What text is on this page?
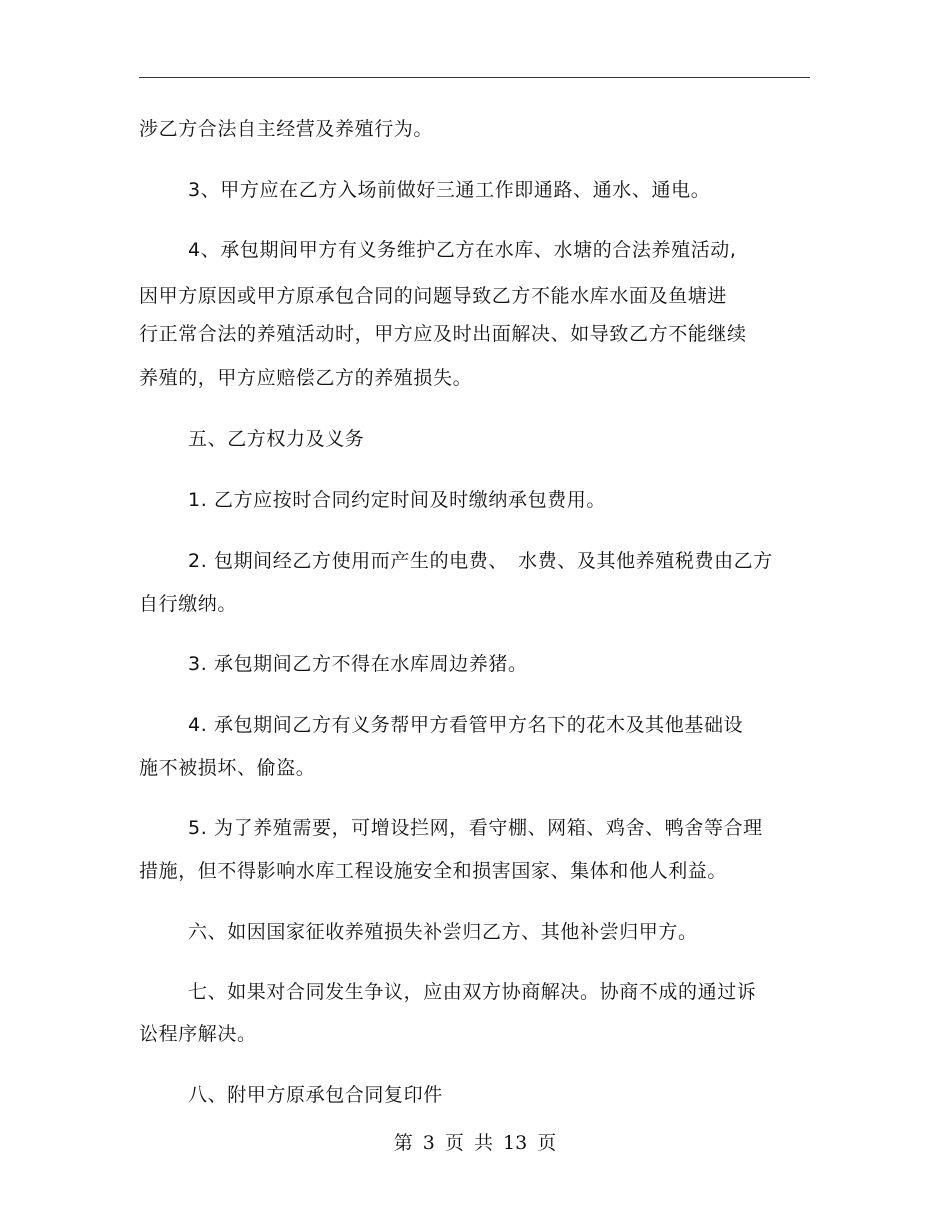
涉乙方合法自主经营及养殖行为。
3、甲方应在乙方入场前做好三通工作即通路、通水、通电。
4、承包期间甲方有义务维护乙方在水库、水塘的合法养殖活动,
因甲方原因或甲方原承包合同的问题导致乙方不能水库水面及鱼塘进
行正常合法的养殖活动时，甲方应及时出面解决、如导致乙方不能继续
养殖的，甲方应赔偿乙方的养殖损失。
五、乙方权力及义务
1. 乙方应按时合同约定时间及时缴纳承包费用。
2. 包期间经乙方使用而产生的电费、　水费、及其他养殖税费由乙方
自行缴纳。
3. 承包期间乙方不得在水库周边养猪。
4. 承包期间乙方有义务帮甲方看管甲方名下的花木及其他基础设
施不被损坏、偷盗。
5. 为了养殖需要，可增设拦网，看守棚、网箱、鸡舍、鸭舍等合理
措施，但不得影响水库工程设施安全和损害国家、集体和他人利益。
六、如因国家征收养殖损失补尝归乙方、其他补尝归甲方。
七、如果对合同发生争议，应由双方协商解决。协商不成的通过诉
讼程序解决。
八、附甲方原承包合同复印件
第 3 页 共 13 页
